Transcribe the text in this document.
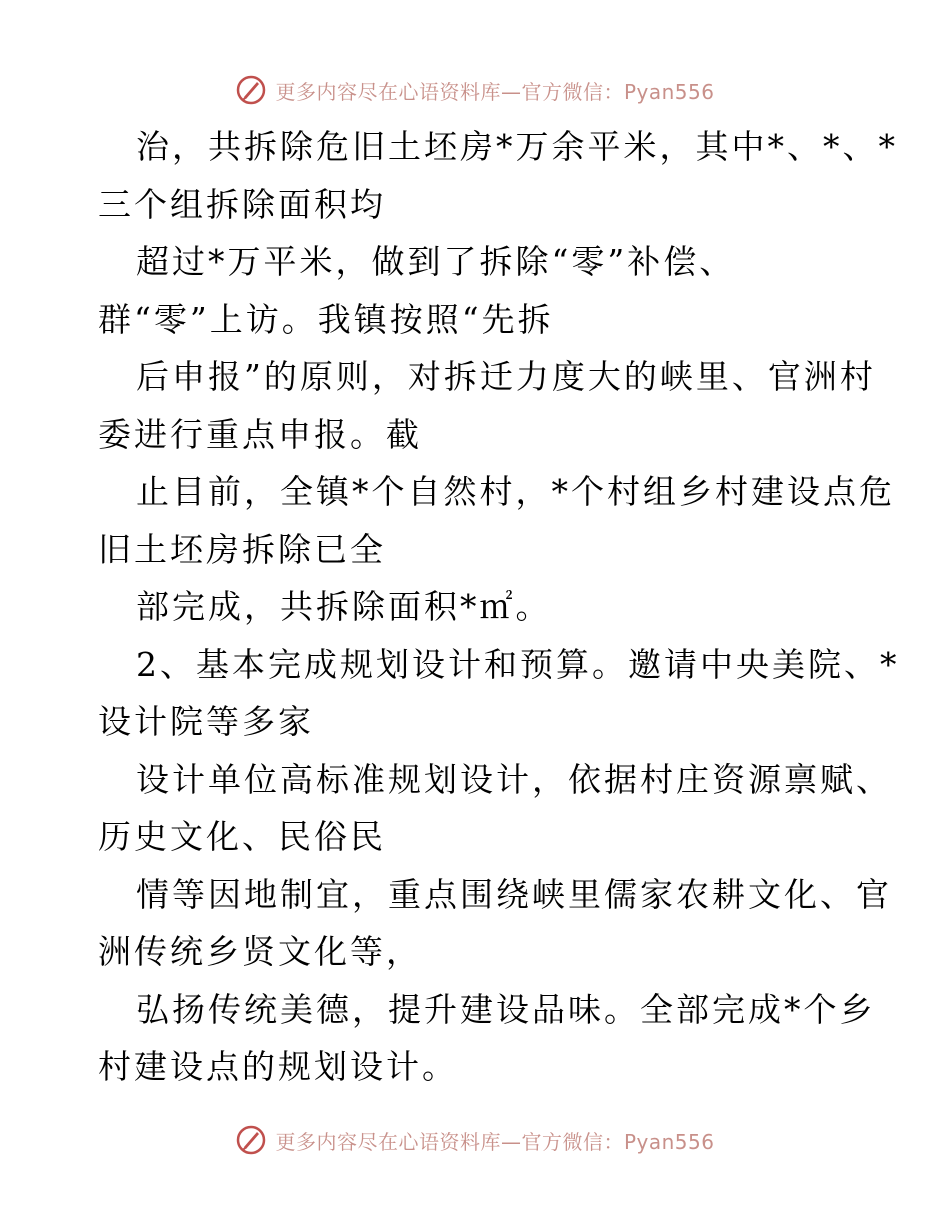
更多内容尽在心语资料库—官方微信：Pyan556
治，共拆除危旧土坯房*万余平米，其中*、*、*
三个组拆除面积均
超过*万平米，做到了拆除“零”补偿、
群“零”上访。我镇按照“先拆
后申报”的原则，对拆迁力度大的峡里、官洲村
委进行重点申报。截
止目前，全镇*个自然村，*个村组乡村建设点危
旧土坯房拆除已全
部完成，共拆除面积*㎡。
2、基本完成规划设计和预算。邀请中央美院、*
设计院等多家
设计单位高标准规划设计，依据村庄资源禀赋、
历史文化、民俗民
情等因地制宜，重点围绕峡里儒家农耕文化、官
洲传统乡贤文化等，
弘扬传统美德，提升建设品味。全部完成*个乡
村建设点的规划设计。
更多内容尽在心语资料库—官方微信：Pyan556
